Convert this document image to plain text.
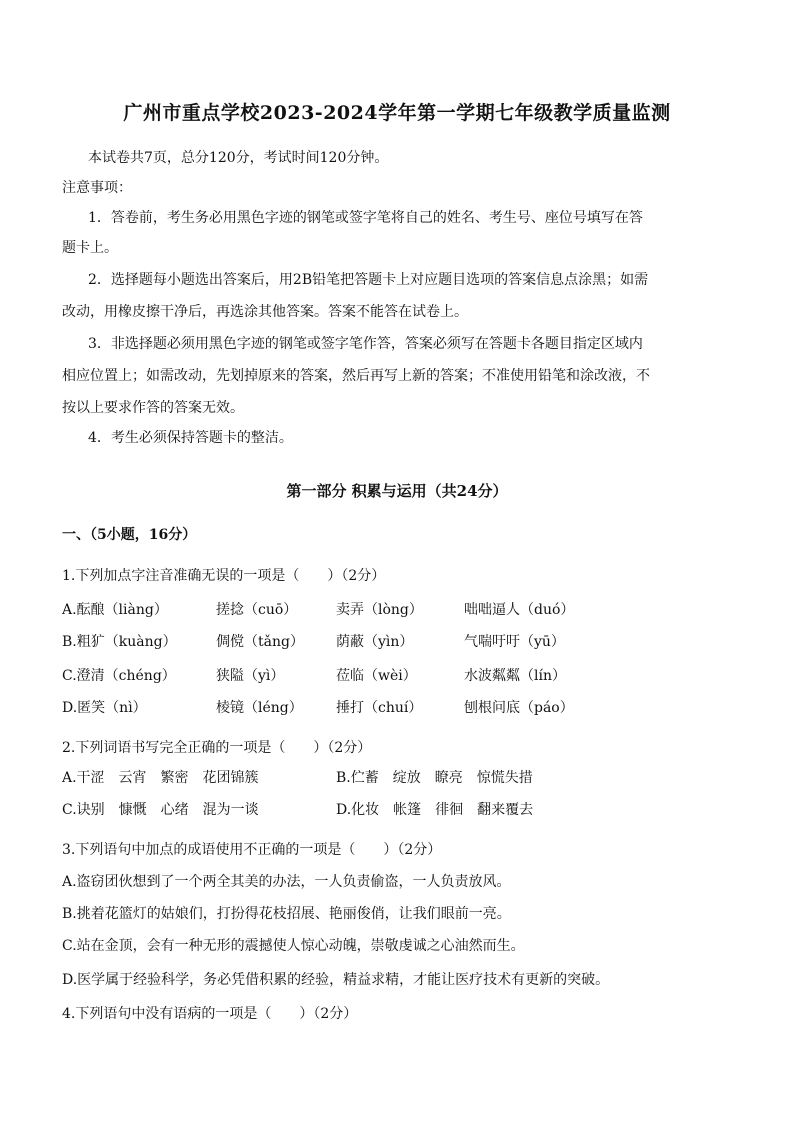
广州市重点学校2023-2024学年第一学期七年级教学质量监测
本试卷共7页，总分120分，考试时间120分钟。
注意事项：
1．答卷前，考生务必用黑色字迹的钢笔或签字笔将自己的姓名、考生号、座位号填写在答
题卡上。
2．选择题每小题选出答案后，用2B铅笔把答题卡上对应题目选项的答案信息点涂黑；如需
改动，用橡皮擦干净后，再选涂其他答案。答案不能答在试卷上。
3．非选择题必须用黑色字迹的钢笔或签字笔作答，答案必须写在答题卡各题目指定区域内
相应位置上；如需改动，先划掉原来的答案，然后再写上新的答案；不准使用铅笔和涂改液，不
按以上要求作答的答案无效。
4．考生必须保持答题卡的整洁。
第一部分 积累与运用（共24分）
一、（5小题，16分）
1.下列加点字注音准确无误的一项是（　　）（2分）
A.酝酿（liàng）	搓捻（cuō）	卖弄（lòng）	咄咄逼人（duó）
B.粗犷（kuàng）	倜傥（tǎng） 荫蔽（yìn）	气喘吁吁（yū）
C.澄清（chéng）	狭隘（yì）	莅临（wèi）	水波粼粼（lín）
D.匿笑（nì）	棱镜（léng） 捶打（chuí）	刨根问底（páo）
2.下列词语书写完全正确的一项是（　　）（2分）
A.干涩　云宵　繁密　花团锦簇	B.伫蓄　绽放　瞭亮　惊慌失措
C.诀别　慷慨　心绪　混为一谈	D.化妆　帐篷　徘徊　翻来覆去
3.下列语句中加点的成语使用不正确的一项是（　　）（2分）
A.盗窃团伙想到了一个两全其美的办法，一人负责偷盗，一人负责放风。
B.挑着花篮灯的姑娘们，打扮得花枝招展、艳丽俊俏，让我们眼前一亮。
C.站在金顶，会有一种无形的震撼使人惊心动魄，崇敬虔诚之心油然而生。
D.医学属于经验科学，务必凭借积累的经验，精益求精，才能让医疗技术有更新的突破。
4.下列语句中没有语病的一项是（　　）（2分）
